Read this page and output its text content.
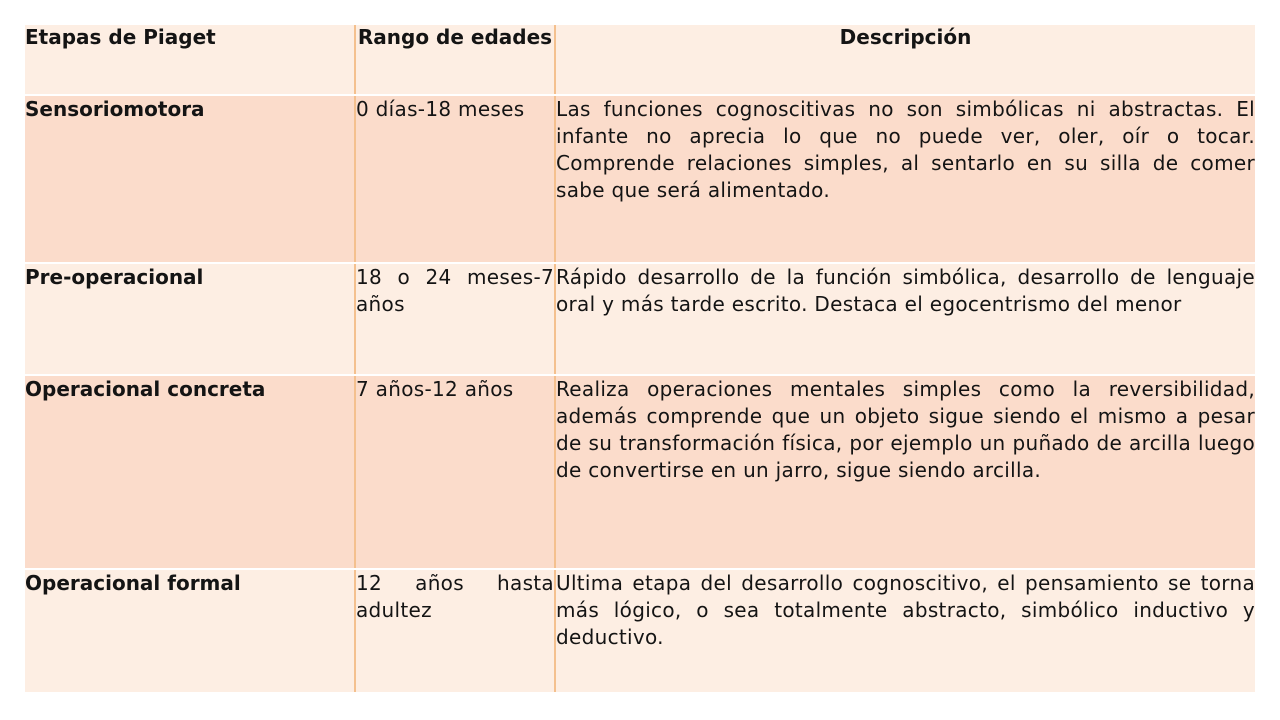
Etapas de Piaget	Rango de edades	Descripción
Sensoriomotora	0 días-18 meses	Las funciones cognoscitivas no son simbólicas ni abstractas. El infante no aprecia lo que no puede ver, oler, oír o tocar. Comprende relaciones simples, al sentarlo en su silla de comer sabe que será alimentado.
Pre-operacional	18 o 24 meses-7 años	Rápido desarrollo de la función simbólica, desarrollo de lenguaje oral y más tarde escrito. Destaca el egocentrismo del menor
Operacional concreta	7 años-12 años	Realiza operaciones mentales simples como la reversibilidad, además comprende que un objeto sigue siendo el mismo a pesar de su transformación física, por ejemplo un puñado de arcilla luego de convertirse en un jarro, sigue siendo arcilla.
Operacional formal	12 años hasta adultez	Ultima etapa del desarrollo cognoscitivo, el pensamiento se torna más lógico, o sea totalmente abstracto, simbólico inductivo y deductivo.
